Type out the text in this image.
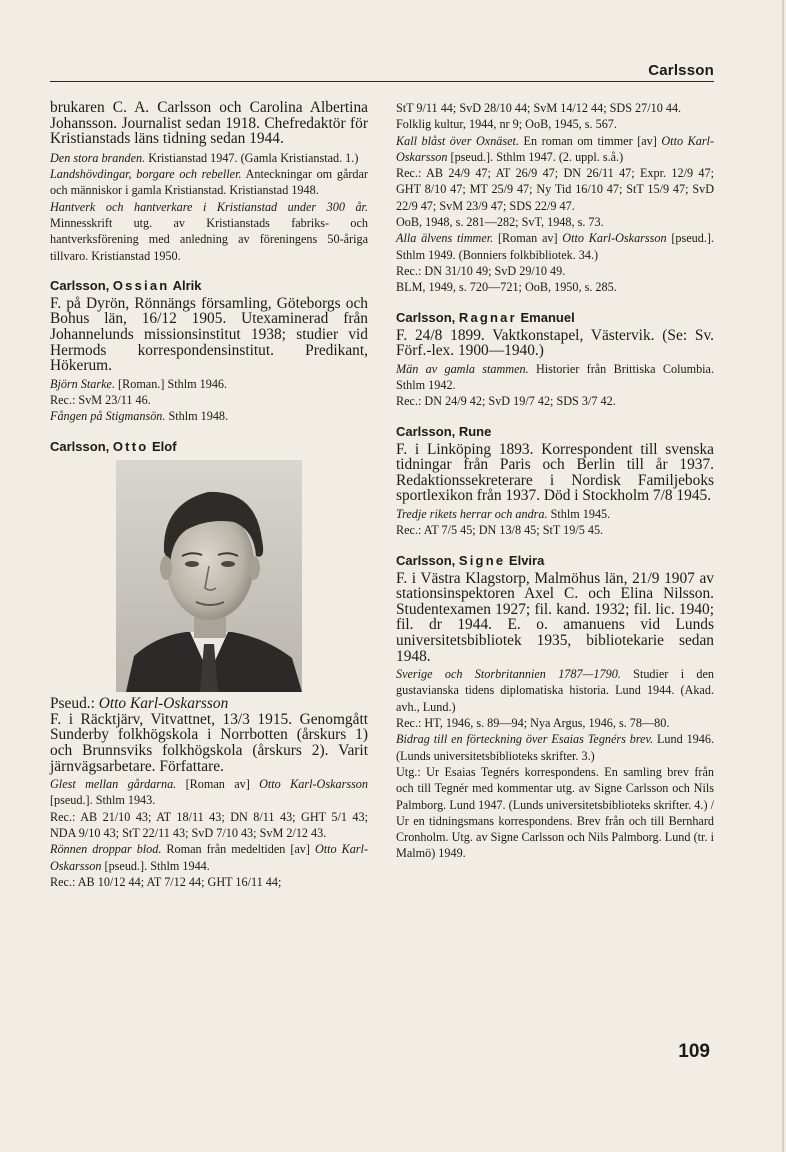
Carlsson

brukaren C. A. Carlsson och Carolina Albertina Johansson. Journalist sedan 1918. Chefredaktör för Kristianstads läns tidning sedan 1944.

Den stora branden. Kristianstad 1947. (Gamla Kristianstad. 1.)

Landshövdingar, borgare och rebeller. Anteckningar om gårdar och människor i gamla Kristianstad. Kristianstad 1948.

Hantverk och hantverkare i Kristianstad under 300 år. Minnesskrift utg. av Kristianstads fabriks- och hantverksförening med anledning av föreningens 50-åriga tillvaro. Kristianstad 1950.

Carlsson, Ossian Alrik

F. på Dyrön, Rönnängs församling, Göteborgs och Bohus län, 16/12 1905. Utexaminerad från Johannelunds missionsinstitut 1938; studier vid Hermods korrespondensinstitut. Predikant, Hökerum.

Björn Starke. [Roman.] Sthlm 1946.

Rec.: SvM 23/11 46.

Fången på Stigmansön. Sthlm 1948.

Carlsson, Otto Elof

Pseud.: Otto Karl-Oskarsson

F. i Räcktjärv, Vitvattnet, 13/3 1915. Genomgått Sunderby folkhögskola i Norrbotten (årskurs 1) och Brunnsviks folkhögskola (årskurs 2). Varit järnvägsarbetare. Författare.

Glest mellan gårdarna. [Roman av] Otto Karl-Oskarsson [pseud.]. Sthlm 1943.

Rec.: AB 21/10 43; AT 18/11 43; DN 8/11 43; GHT 5/1 43; NDA 9/10 43; StT 22/11 43; SvD 7/10 43; SvM 2/12 43.

Rönnen droppar blod. Roman från medeltiden [av] Otto Karl-Oskarsson [pseud.]. Sthlm 1944.

Rec.: AB 10/12 44; AT 7/12 44; GHT 16/11 44;

StT 9/11 44; SvD 28/10 44; SvM 14/12 44; SDS 27/10 44.

Folklig kultur, 1944, nr 9; OoB, 1945, s. 567.

Kall blåst över Oxnäset. En roman om timmer [av] Otto Karl-Oskarsson [pseud.]. Sthlm 1947. (2. uppl. s.å.)

Rec.: AB 24/9 47; AT 26/9 47; DN 26/11 47; Expr. 12/9 47; GHT 8/10 47; MT 25/9 47; Ny Tid 16/10 47; StT 15/9 47; SvD 22/9 47; SvM 23/9 47; SDS 22/9 47.

OoB, 1948, s. 281—282; SvT, 1948, s. 73.

Alla älvens timmer. [Roman av] Otto Karl-Oskarsson [pseud.]. Sthlm 1949. (Bonniers folkbibliotek. 34.)

Rec.: DN 31/10 49; SvD 29/10 49.

BLM, 1949, s. 720—721; OoB, 1950, s. 285.

Carlsson, Ragnar Emanuel

F. 24/8 1899. Vaktkonstapel, Västervik. (Se: Sv. Förf.-lex. 1900—1940.)

Män av gamla stammen. Historier från Brittiska Columbia. Sthlm 1942.

Rec.: DN 24/9 42; SvD 19/7 42; SDS 3/7 42.

Carlsson, Rune

F. i Linköping 1893. Korrespondent till svenska tidningar från Paris och Berlin till år 1937. Redaktionssekreterare i Nordisk Familjeboks sportlexikon från 1937. Död i Stockholm 7/8 1945.

Tredje rikets herrar och andra. Sthlm 1945.

Rec.: AT 7/5 45; DN 13/8 45; StT 19/5 45.

Carlsson, Signe Elvira

F. i Västra Klagstorp, Malmöhus län, 21/9 1907 av stationsinspektoren Axel C. och Elina Nilsson. Studentexamen 1927; fil. kand. 1932; fil. lic. 1940; fil. dr 1944. E. o. amanuens vid Lunds universitetsbibliotek 1935, bibliotekarie sedan 1948.

Sverige och Storbritannien 1787—1790. Studier i den gustavianska tidens diplomatiska historia. Lund 1944. (Akad. avh., Lund.)

Rec.: HT, 1946, s. 89—94; Nya Argus, 1946, s. 78—80.

Bidrag till en förteckning över Esaias Tegnérs brev. Lund 1946. (Lunds universitetsbiblioteks skrifter. 3.)

Utg.: Ur Esaias Tegnérs korrespondens. En samling brev från och till Tegnér med kommentar utg. av Signe Carlsson och Nils Palmborg. Lund 1947. (Lunds universitetsbiblioteks skrifter. 4.) / Ur en tidningsmans korrespondens. Brev från och till Bernhard Cronholm. Utg. av Signe Carlsson och Nils Palmborg. Lund (tr. i Malmö) 1949.

109
